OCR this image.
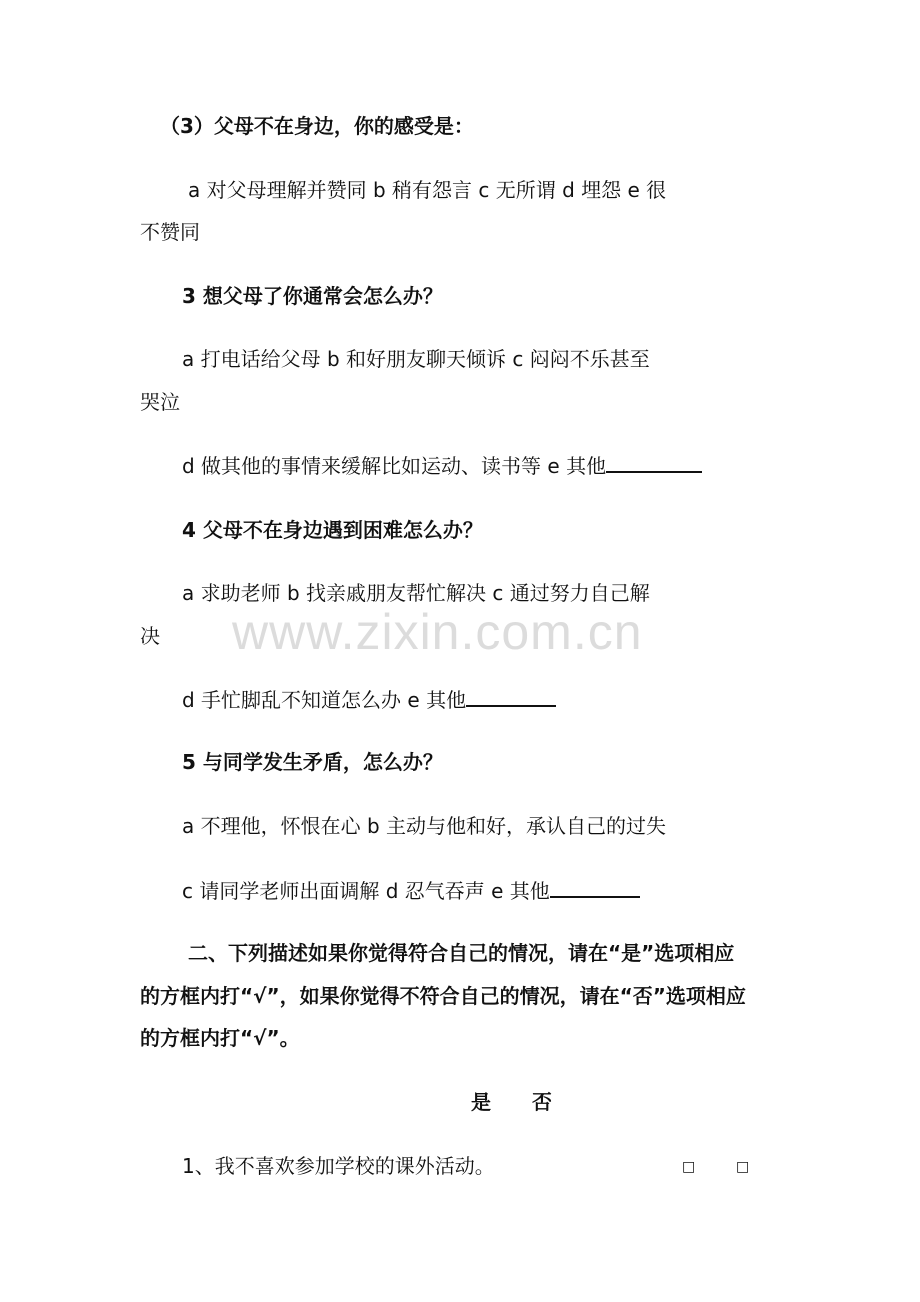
www.zixin.com.cn
（3）父母不在身边，你的感受是：
a 对父母理解并赞同 b 稍有怨言 c 无所谓 d 埋怨 e 很
不赞同
3 想父母了你通常会怎么办？
a 打电话给父母 b 和好朋友聊天倾诉 c 闷闷不乐甚至
哭泣
d 做其他的事情来缓解比如运动、读书等 e 其他
4 父母不在身边遇到困难怎么办？
a 求助老师 b 找亲戚朋友帮忙解决 c 通过努力自己解
决
d 手忙脚乱不知道怎么办 e 其他
5 与同学发生矛盾，怎么办？
a 不理他，怀恨在心 b 主动与他和好，承认自己的过失
c 请同学老师出面调解 d 忍气吞声 e 其他
二、下列描述如果你觉得符合自己的情况，请在“是”选项相应
的方框内打“√”，如果你觉得不符合自己的情况，请在“否”选项相应
的方框内打“√”。
是 否
1、我不喜欢参加学校的课外活动。	□	□
